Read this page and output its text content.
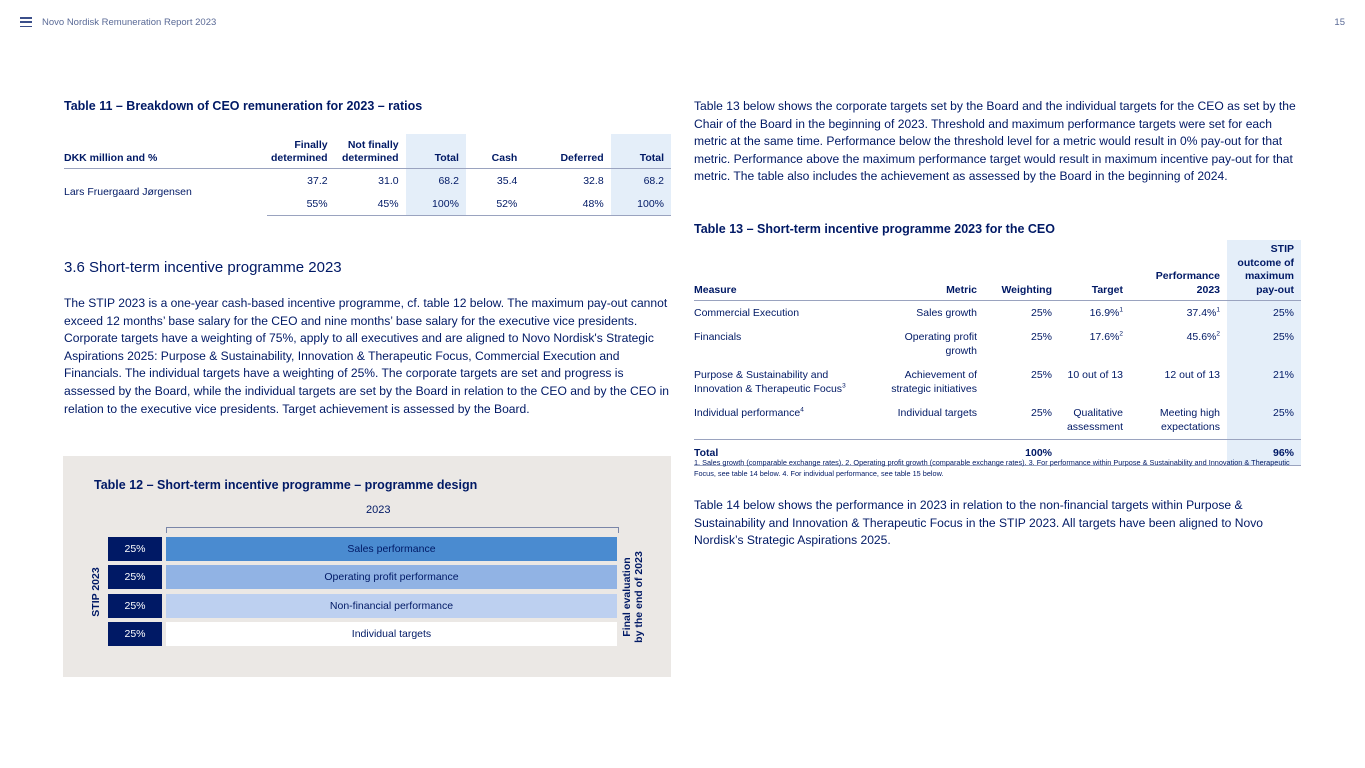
Novo Nordisk Remuneration Report 2023	15
Table 11 – Breakdown of CEO remuneration for 2023 – ratios
DKK million and %	Finally determined	Not finally determined	Total	Cash	Deferred	Total
Lars Fruergaard Jørgensen	37.2	31.0	68.2	35.4	32.8	68.2
	55%	45%	100%	52%	48%	100%
3.6 Short-term incentive programme 2023
The STIP 2023 is a one-year cash-based incentive programme, cf. table 12 below. The maximum pay-out cannot exceed 12 months’ base salary for the CEO and nine months’ base salary for the executive vice presidents. Corporate targets have a weighting of 75%, apply to all executives and are aligned to Novo Nordisk's Strategic Aspirations 2025: Purpose & Sustainability, Innovation & Therapeutic Focus, Commercial Execution and Financials. The individual targets have a weighting of 25%. The corporate targets are set and progress is assessed by the Board, while the individual targets are set by the Board in relation to the CEO and by the CEO in relation to the executive vice presidents. Target achievement is assessed by the Board.
Table 12 – Short-term incentive programme – programme design
2023
25%	Sales performance
25%	Operating profit performance
25%	Non-financial performance
25%	Individual targets
STIP 2023	Final evaluation by the end of 2023
Table 13 below shows the corporate targets set by the Board and the individual targets for the CEO as set by the Chair of the Board in the beginning of 2023. Threshold and maximum performance targets were set for each metric at the same time. Performance below the threshold level for a metric would result in 0% pay-out for that metric. Performance above the maximum performance target would result in maximum incentive pay-out for that metric. The table also includes the achievement as assessed by the Board in the beginning of 2024.
Table 13 – Short-term incentive programme 2023 for the CEO
Measure	Metric	Weighting	Target	Performance 2023	STIP outcome of maximum pay-out
Commercial Execution	Sales growth	25%	16.9%$^1$	37.4%$^1$	25%
Financials	Operating profit growth	25%	17.6%$^2$	45.6%$^2$	25%
Purpose & Sustainability and Innovation & Therapeutic Focus$^3$	Achievement of strategic initiatives	25%	10 out of 13	12 out of 13	21%
Individual performance$^4$	Individual targets	25%	Qualitative assessment	Meeting high expectations	25%
Total		100%			96%
1. Sales growth (comparable exchange rates). 2. Operating profit growth (comparable exchange rates). 3. For performance within Purpose & Sustainability and Innovation & Therapeutic Focus, see table 14 below. 4. For individual performance, see table 15 below.
Table 14 below shows the performance in 2023 in relation to the non-financial targets within Purpose & Sustainability and Innovation & Therapeutic Focus in the STIP 2023. All targets have been aligned to Novo Nordisk’s Strategic Aspirations 2025.
